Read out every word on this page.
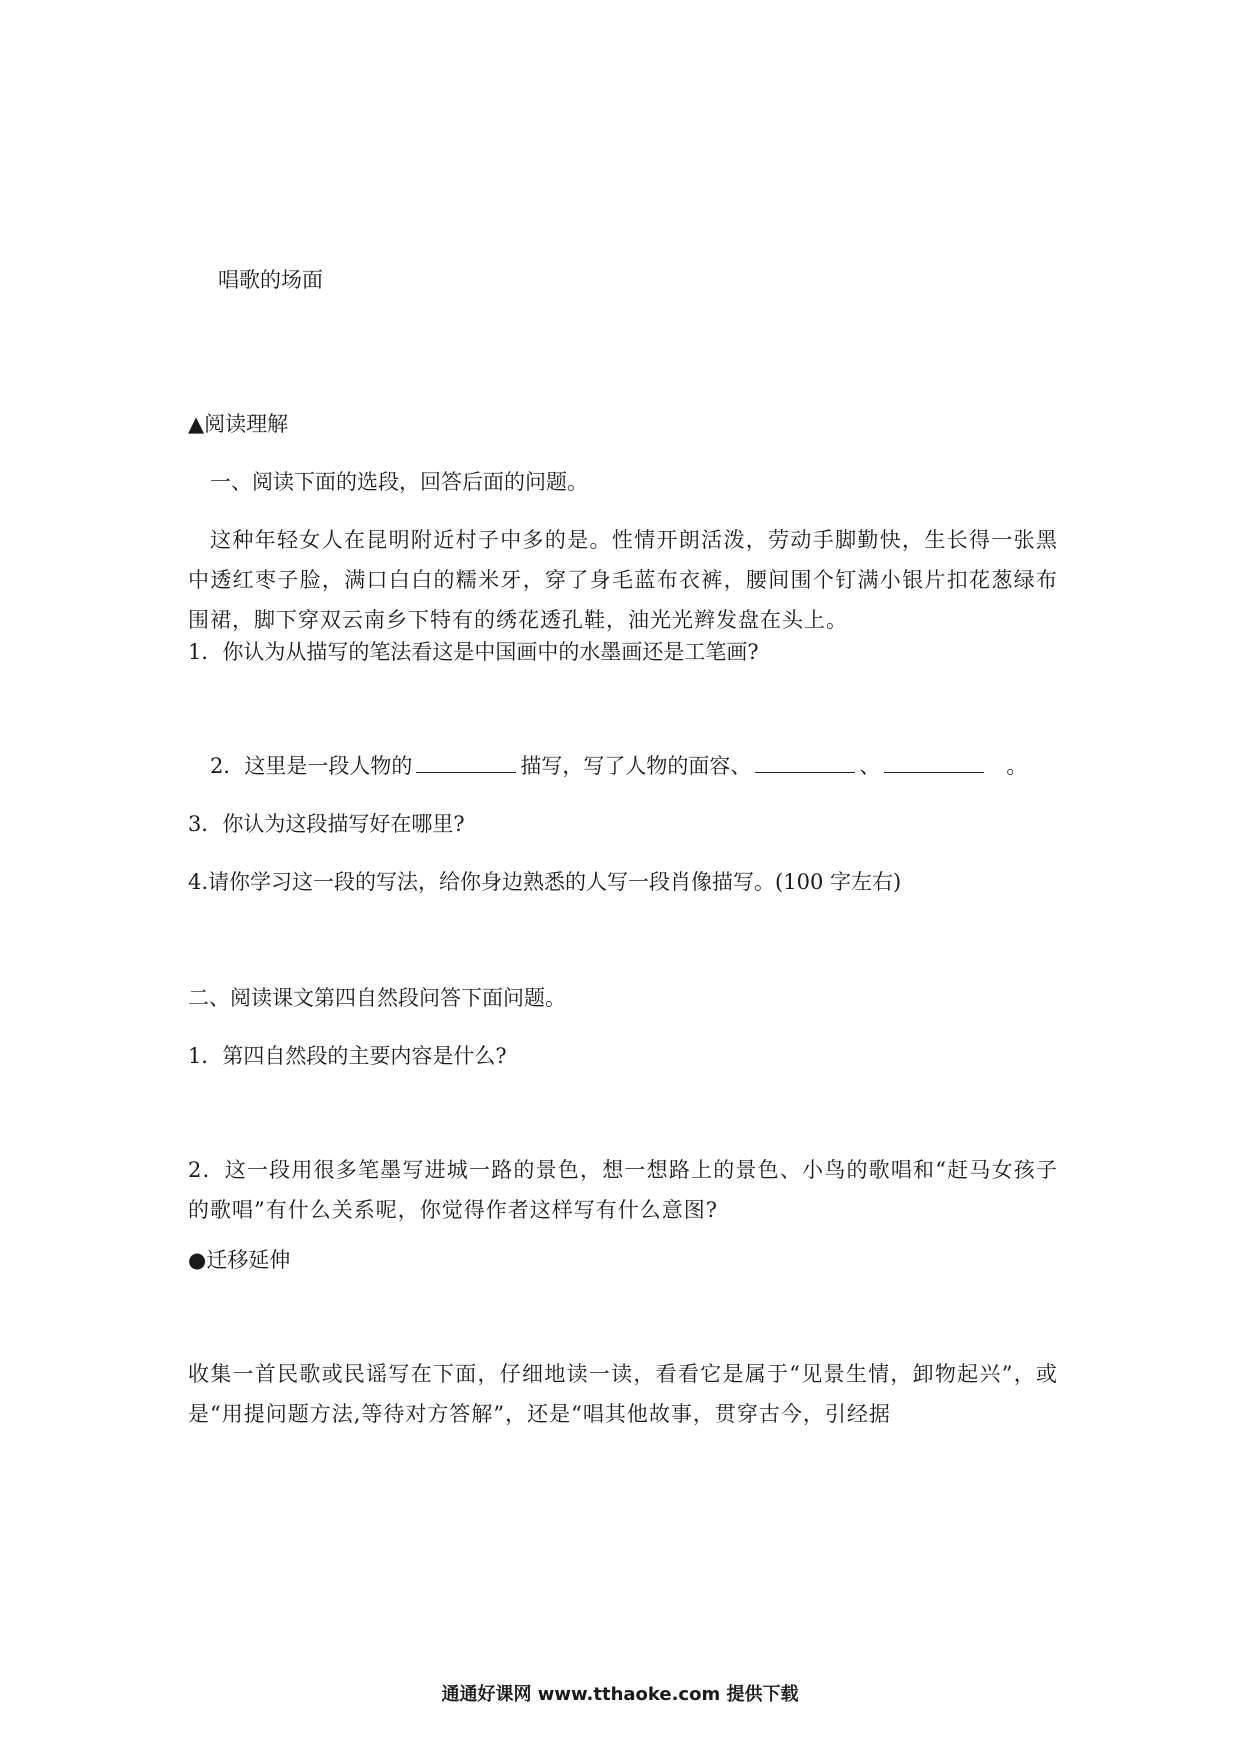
唱歌的场面
▲阅读理解
一、阅读下面的选段，回答后面的问题。
这种年轻女人在昆明附近村子中多的是。性情开朗活泼，劳动手脚勤快，生长得一张黑中透红枣子脸，满口白白的糯米牙，穿了身毛蓝布衣裤，腰间围个钉满小银片扣花葱绿布围裙，脚下穿双云南乡下特有的绣花透孔鞋，油光光辫发盘在头上。
1．你认为从描写的笔法看这是中国画中的水墨画还是工笔画?
2．这里是一段人物的	描写，写了人物的面容、	、	。
3．你认为这段描写好在哪里?
4.请你学习这一段的写法，给你身边熟悉的人写一段肖像描写。(100 字左右)
二、阅读课文第四自然段问答下面问题。
1．第四自然段的主要内容是什么?
2．这一段用很多笔墨写进城一路的景色，想一想路上的景色、小鸟的歌唱和“赶马女孩子的歌唱”有什么关系呢，你觉得作者这样写有什么意图?
●迁移延伸
收集一首民歌或民谣写在下面，仔细地读一读，看看它是属于“见景生情，卸物起兴”，或是“用提问题方法,等待对方答解”，还是“唱其他故事，贯穿古今，引经据
通通好课网 www.tthaoke.com 提供下载
